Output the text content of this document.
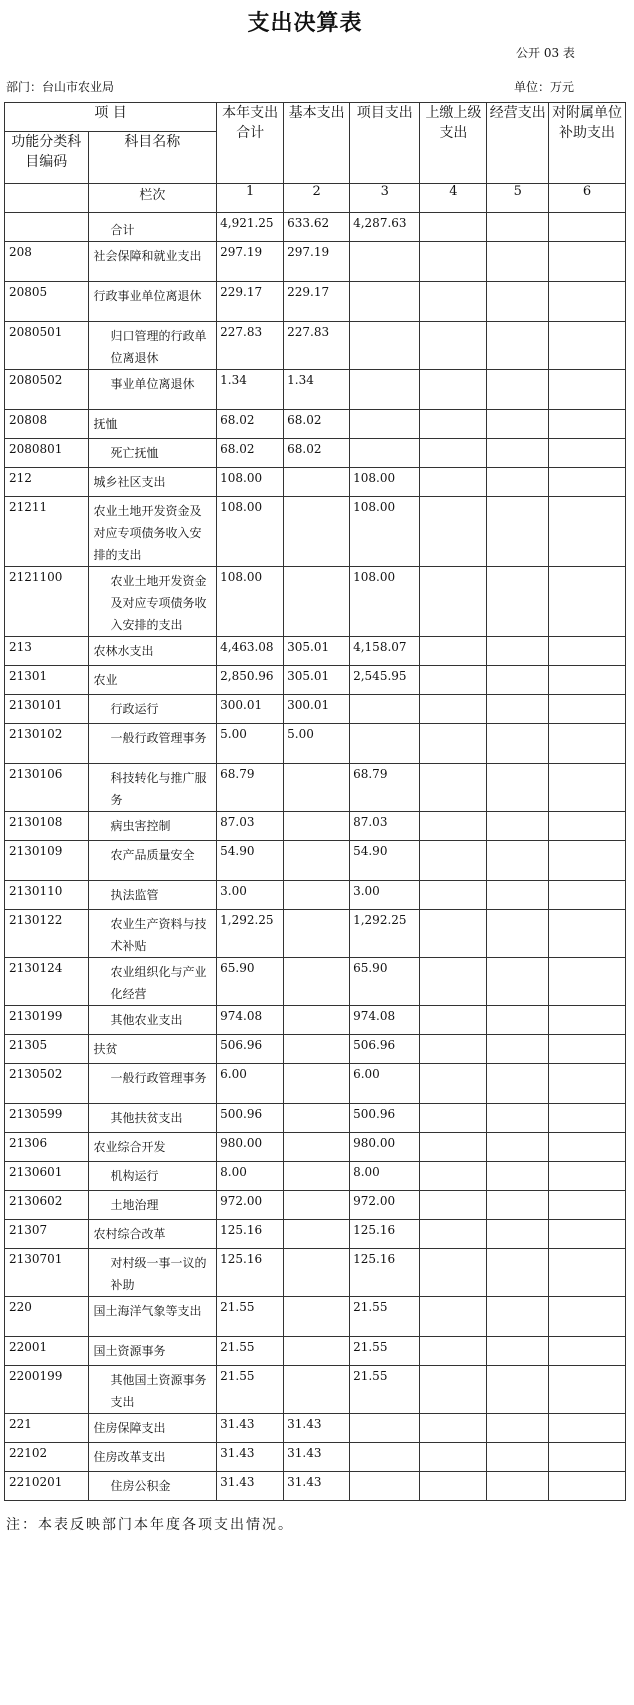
支出决算表
公开 03 表
部门：台山市农业局	单位：万元
项 目		本年支出合计	基本支出	项目支出	上缴上级支出	经营支出	对附属单位补助支出
功能分类科目编码	科目名称						
	栏次	1	2	3	4	5	6
	合计	4,921.25	633.62	4,287.63			
208	社会保障和就业支出	297.19	297.19				
20805	行政事业单位离退休	229.17	229.17				
2080501	归口管理的行政单位离退休	227.83	227.83				
2080502	事业单位离退休	1.34	1.34				
20808	抚恤	68.02	68.02				
2080801	死亡抚恤	68.02	68.02				
212	城乡社区支出	108.00		108.00			
21211	农业土地开发资金及对应专项债务收入安排的支出	108.00		108.00			
2121100	农业土地开发资金及对应专项债务收入安排的支出	108.00		108.00			
213	农林水支出	4,463.08	305.01	4,158.07			
21301	农业	2,850.96	305.01	2,545.95			
2130101	行政运行	300.01	300.01				
2130102	一般行政管理事务	5.00	5.00				
2130106	科技转化与推广服务	68.79		68.79			
2130108	病虫害控制	87.03		87.03			
2130109	农产品质量安全	54.90		54.90			
2130110	执法监管	3.00		3.00			
2130122	农业生产资料与技术补贴	1,292.25		1,292.25			
2130124	农业组织化与产业化经营	65.90		65.90			
2130199	其他农业支出	974.08		974.08			
21305	扶贫	506.96		506.96			
2130502	一般行政管理事务	6.00		6.00			
2130599	其他扶贫支出	500.96		500.96			
21306	农业综合开发	980.00		980.00			
2130601	机构运行	8.00		8.00			
2130602	土地治理	972.00		972.00			
21307	农村综合改革	125.16		125.16			
2130701	对村级一事一议的补助	125.16		125.16			
220	国土海洋气象等支出	21.55		21.55			
22001	国土资源事务	21.55		21.55			
2200199	其他国土资源事务支出	21.55		21.55			
221	住房保障支出	31.43	31.43				
22102	住房改革支出	31.43	31.43				
2210201	住房公积金	31.43	31.43				
注：本表反映部门本年度各项支出情况。
